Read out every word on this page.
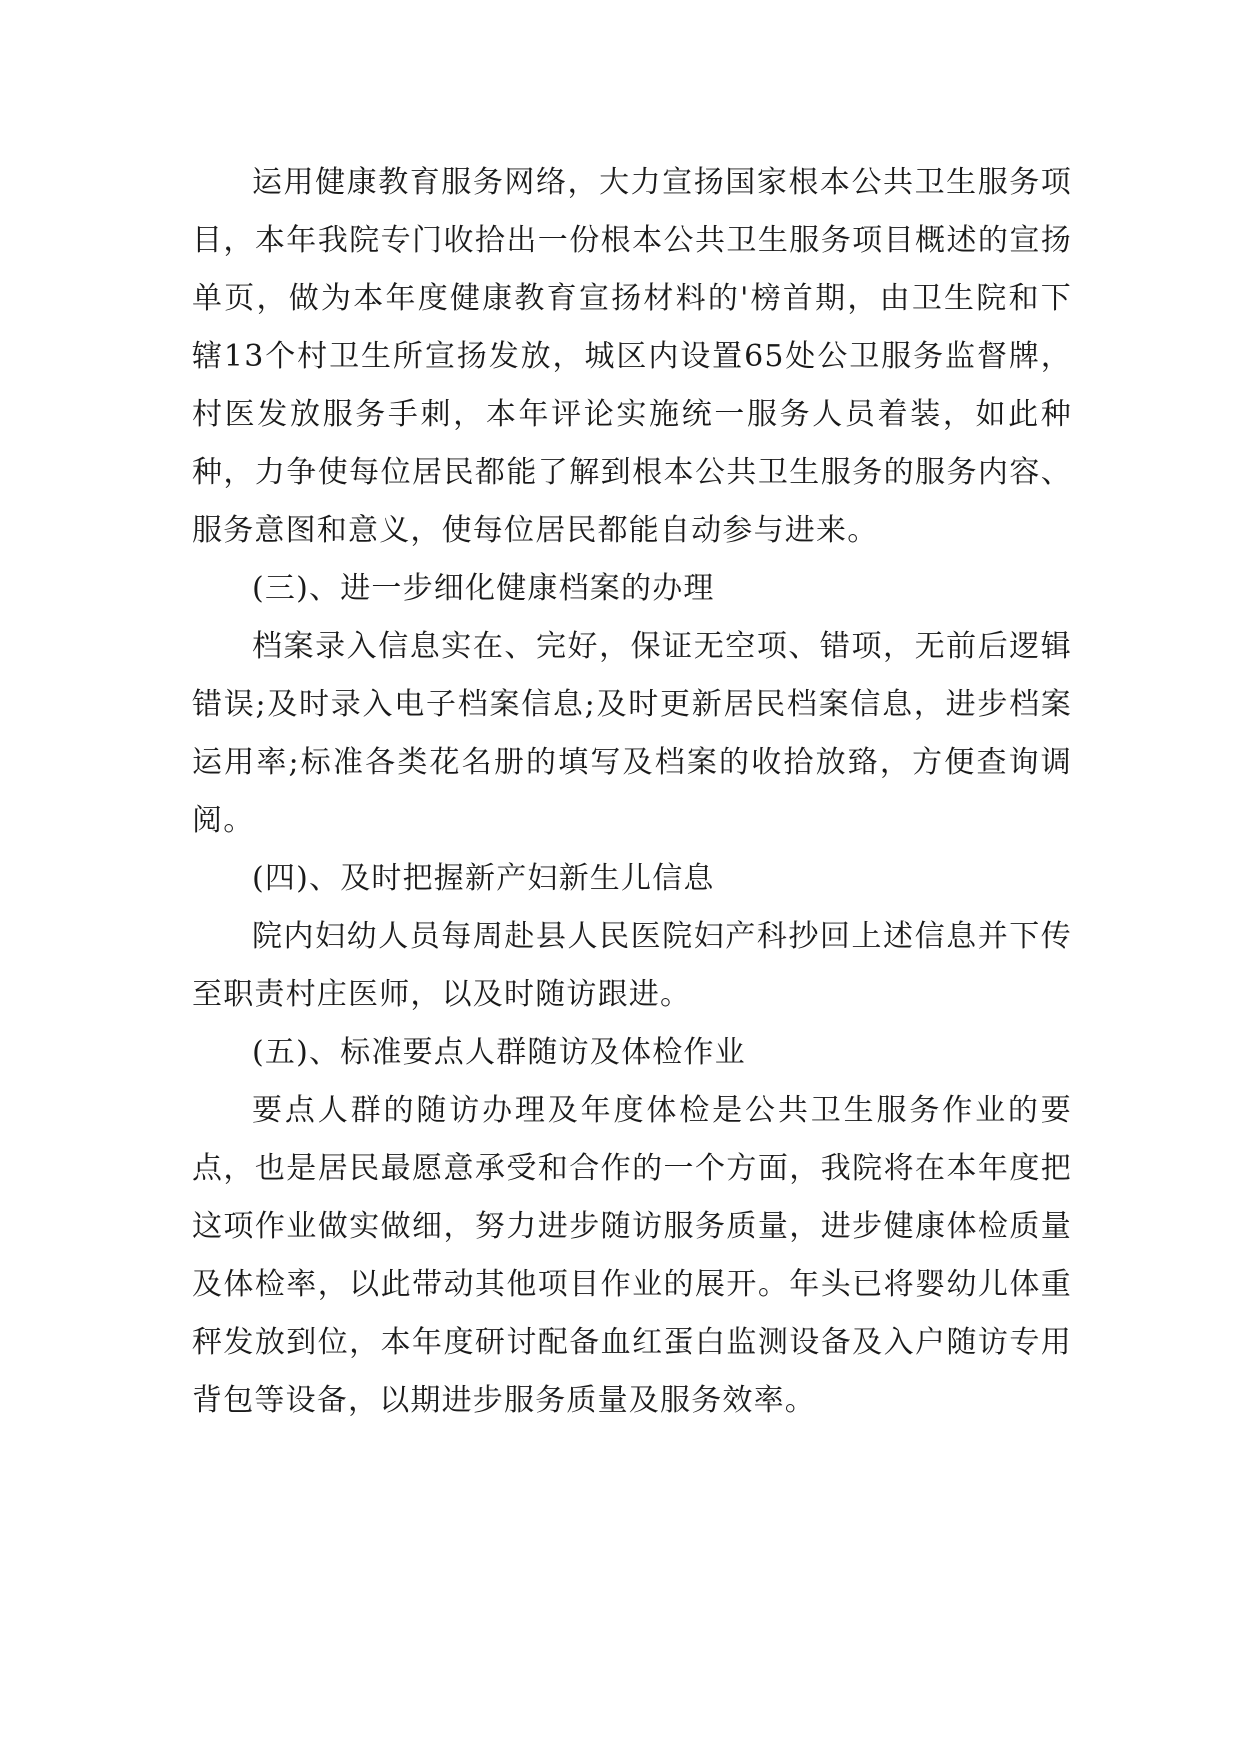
运用健康教育服务网络，大力宣扬国家根本公共卫生服务项目，本年我院专门收拾出一份根本公共卫生服务项目概述的宣扬单页，做为本年度健康教育宣扬材料的'榜首期，由卫生院和下辖13个村卫生所宣扬发放，城区内设置65处公卫服务监督牌，村医发放服务手刺，本年评论实施统一服务人员着装，如此种种，力争使每位居民都能了解到根本公共卫生服务的服务内容、服务意图和意义，使每位居民都能自动参与进来。

(三)、进一步细化健康档案的办理

档案录入信息实在、完好，保证无空项、错项，无前后逻辑错误;及时录入电子档案信息;及时更新居民档案信息，进步档案运用率;标准各类花名册的填写及档案的收拾放臵，方便查询调阅。

(四)、及时把握新产妇新生儿信息

院内妇幼人员每周赴县人民医院妇产科抄回上述信息并下传至职责村庄医师，以及时随访跟进。

(五)、标准要点人群随访及体检作业

要点人群的随访办理及年度体检是公共卫生服务作业的要点，也是居民最愿意承受和合作的一个方面，我院将在本年度把这项作业做实做细，努力进步随访服务质量，进步健康体检质量及体检率，以此带动其他项目作业的展开。年头已将婴幼儿体重秤发放到位，本年度研讨配备血红蛋白监测设备及入户随访专用背包等设备，以期进步服务质量及服务效率。
